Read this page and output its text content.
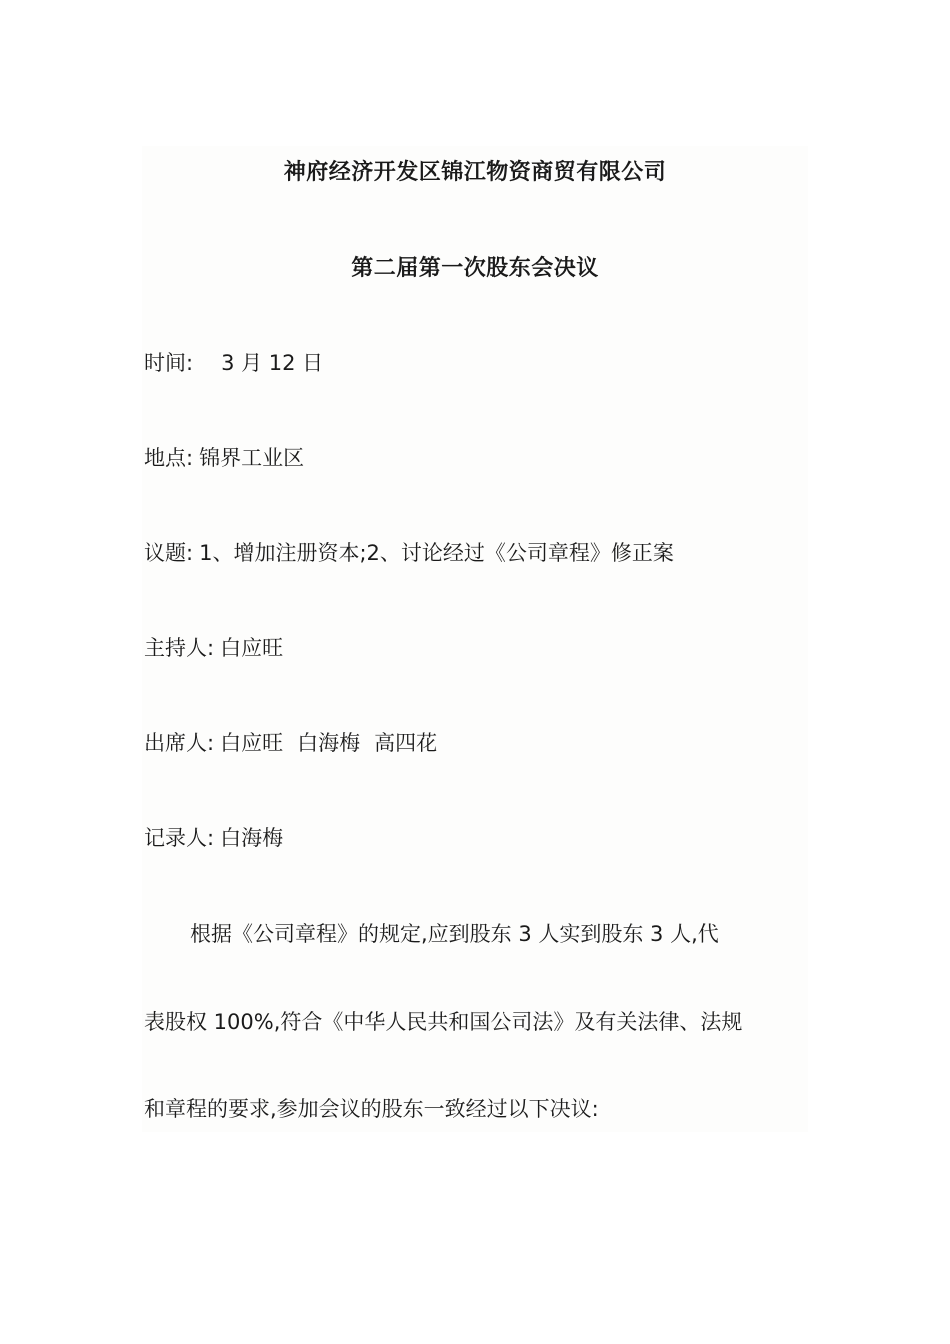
神府经济开发区锦江物资商贸有限公司
第二届第一次股东会决议
时间: 3 月 12 日
地点: 锦界工业区
议题: 1、增加注册资本;2、讨论经过《公司章程》修正案
主持人: 白应旺
出席人: 白应旺 白海梅 高四花
记录人: 白海梅
根据《公司章程》的规定,应到股东 3 人实到股东 3 人,代
表股权 100%,符合《中华人民共和国公司法》及有关法律、法规
和章程的要求,参加会议的股东一致经过以下决议:
